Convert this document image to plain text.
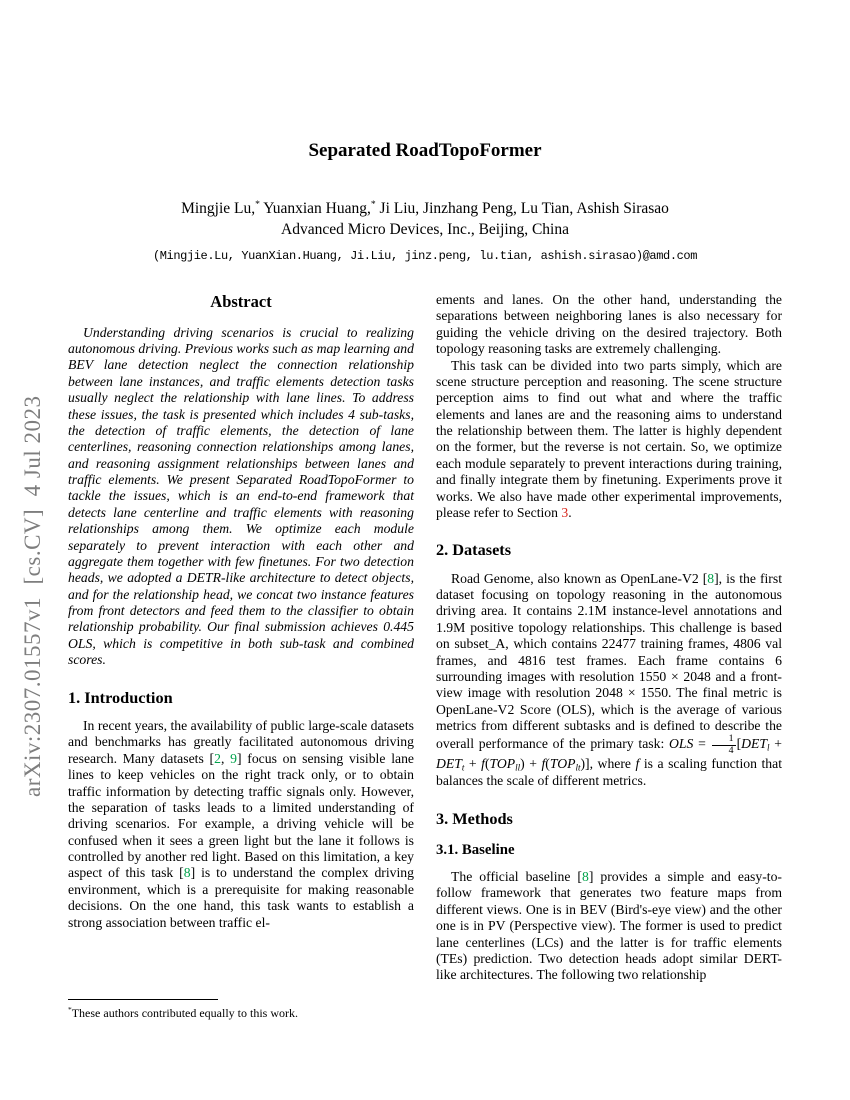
arXiv:2307.01557v1  [cs.CV]  4 Jul 2023
Separated RoadTopoFormer
Mingjie Lu,* Yuanxian Huang,* Ji Liu, Jinzhang Peng, Lu Tian, Ashish Sirasao
Advanced Micro Devices, Inc., Beijing, China
(Mingjie.Lu, YuanXian.Huang, Ji.Liu, jinz.peng, lu.tian, ashish.sirasao)@amd.com
Abstract

Understanding driving scenarios is crucial to realizing autonomous driving. Previous works such as map learning and BEV lane detection neglect the connection relationship between lane instances, and traffic elements detection tasks usually neglect the relationship with lane lines. To address these issues, the task is presented which includes 4 sub-tasks, the detection of traffic elements, the detection of lane centerlines, reasoning connection relationships among lanes, and reasoning assignment relationships between lanes and traffic elements. We present Separated RoadTopoFormer to tackle the issues, which is an end-to-end framework that detects lane centerline and traffic elements with reasoning relationships among them. We optimize each module separately to prevent interaction with each other and aggregate them together with few finetunes. For two detection heads, we adopted a DETR-like architecture to detect objects, and for the relationship head, we concat two instance features from front detectors and feed them to the classifier to obtain relationship probability. Our final submission achieves 0.445 OLS, which is competitive in both sub-task and combined scores.

1. Introduction

In recent years, the availability of public large-scale datasets and benchmarks has greatly facilitated autonomous driving research. Many datasets [2, 9] focus on sensing visible lane lines to keep vehicles on the right track only, or to obtain traffic information by detecting traffic signals only. However, the separation of tasks leads to a limited understanding of driving scenarios. For example, a driving vehicle will be confused when it sees a green light but the lane it follows is controlled by another red light. Based on this limitation, a key aspect of this task [8] is to understand the complex driving environment, which is a prerequisite for making reasonable decisions. On the one hand, this task wants to establish a strong association between traffic el-

ements and lanes. On the other hand, understanding the separations between neighboring lanes is also necessary for guiding the vehicle driving on the desired trajectory. Both topology reasoning tasks are extremely challenging.

This task can be divided into two parts simply, which are scene structure perception and reasoning. The scene structure perception aims to find out what and where the traffic elements and lanes are and the reasoning aims to understand the relationship between them. The latter is highly dependent on the former, but the reverse is not certain. So, we optimize each module separately to prevent interactions during training, and finally integrate them by finetuning. Experiments prove it works. We also have made other experimental improvements, please refer to Section 3.

2. Datasets

Road Genome, also known as OpenLane-V2 [8], is the first dataset focusing on topology reasoning in the autonomous driving area. It contains 2.1M instance-level annotations and 1.9M positive topology relationships. This challenge is based on subset_A, which contains 22477 training frames, 4806 val frames, and 4816 test frames. Each frame contains 6 surrounding images with resolution 1550 × 2048 and a front-view image with resolution 2048 × 1550. The final metric is OpenLane-V2 Score (OLS), which is the average of various metrics from different subtasks and is defined to describe the overall performance of the primary task: OLS = $\frac{1}{4}$ [DETl + DETt + f(TOPll) + f(TOPlt)], where f is a scaling function that balances the scale of different metrics.

3. Methods
3.1. Baseline

The official baseline [8] provides a simple and easy-to-follow framework that generates two feature maps from different views. One is in BEV (Bird's-eye view) and the other one is in PV (Perspective view). The former is used to predict lane centerlines (LCs) and the latter is for traffic elements (TEs) prediction. Two detection heads adopt similar DERT-like architectures. The following two relationship

*These authors contributed equally to this work.
